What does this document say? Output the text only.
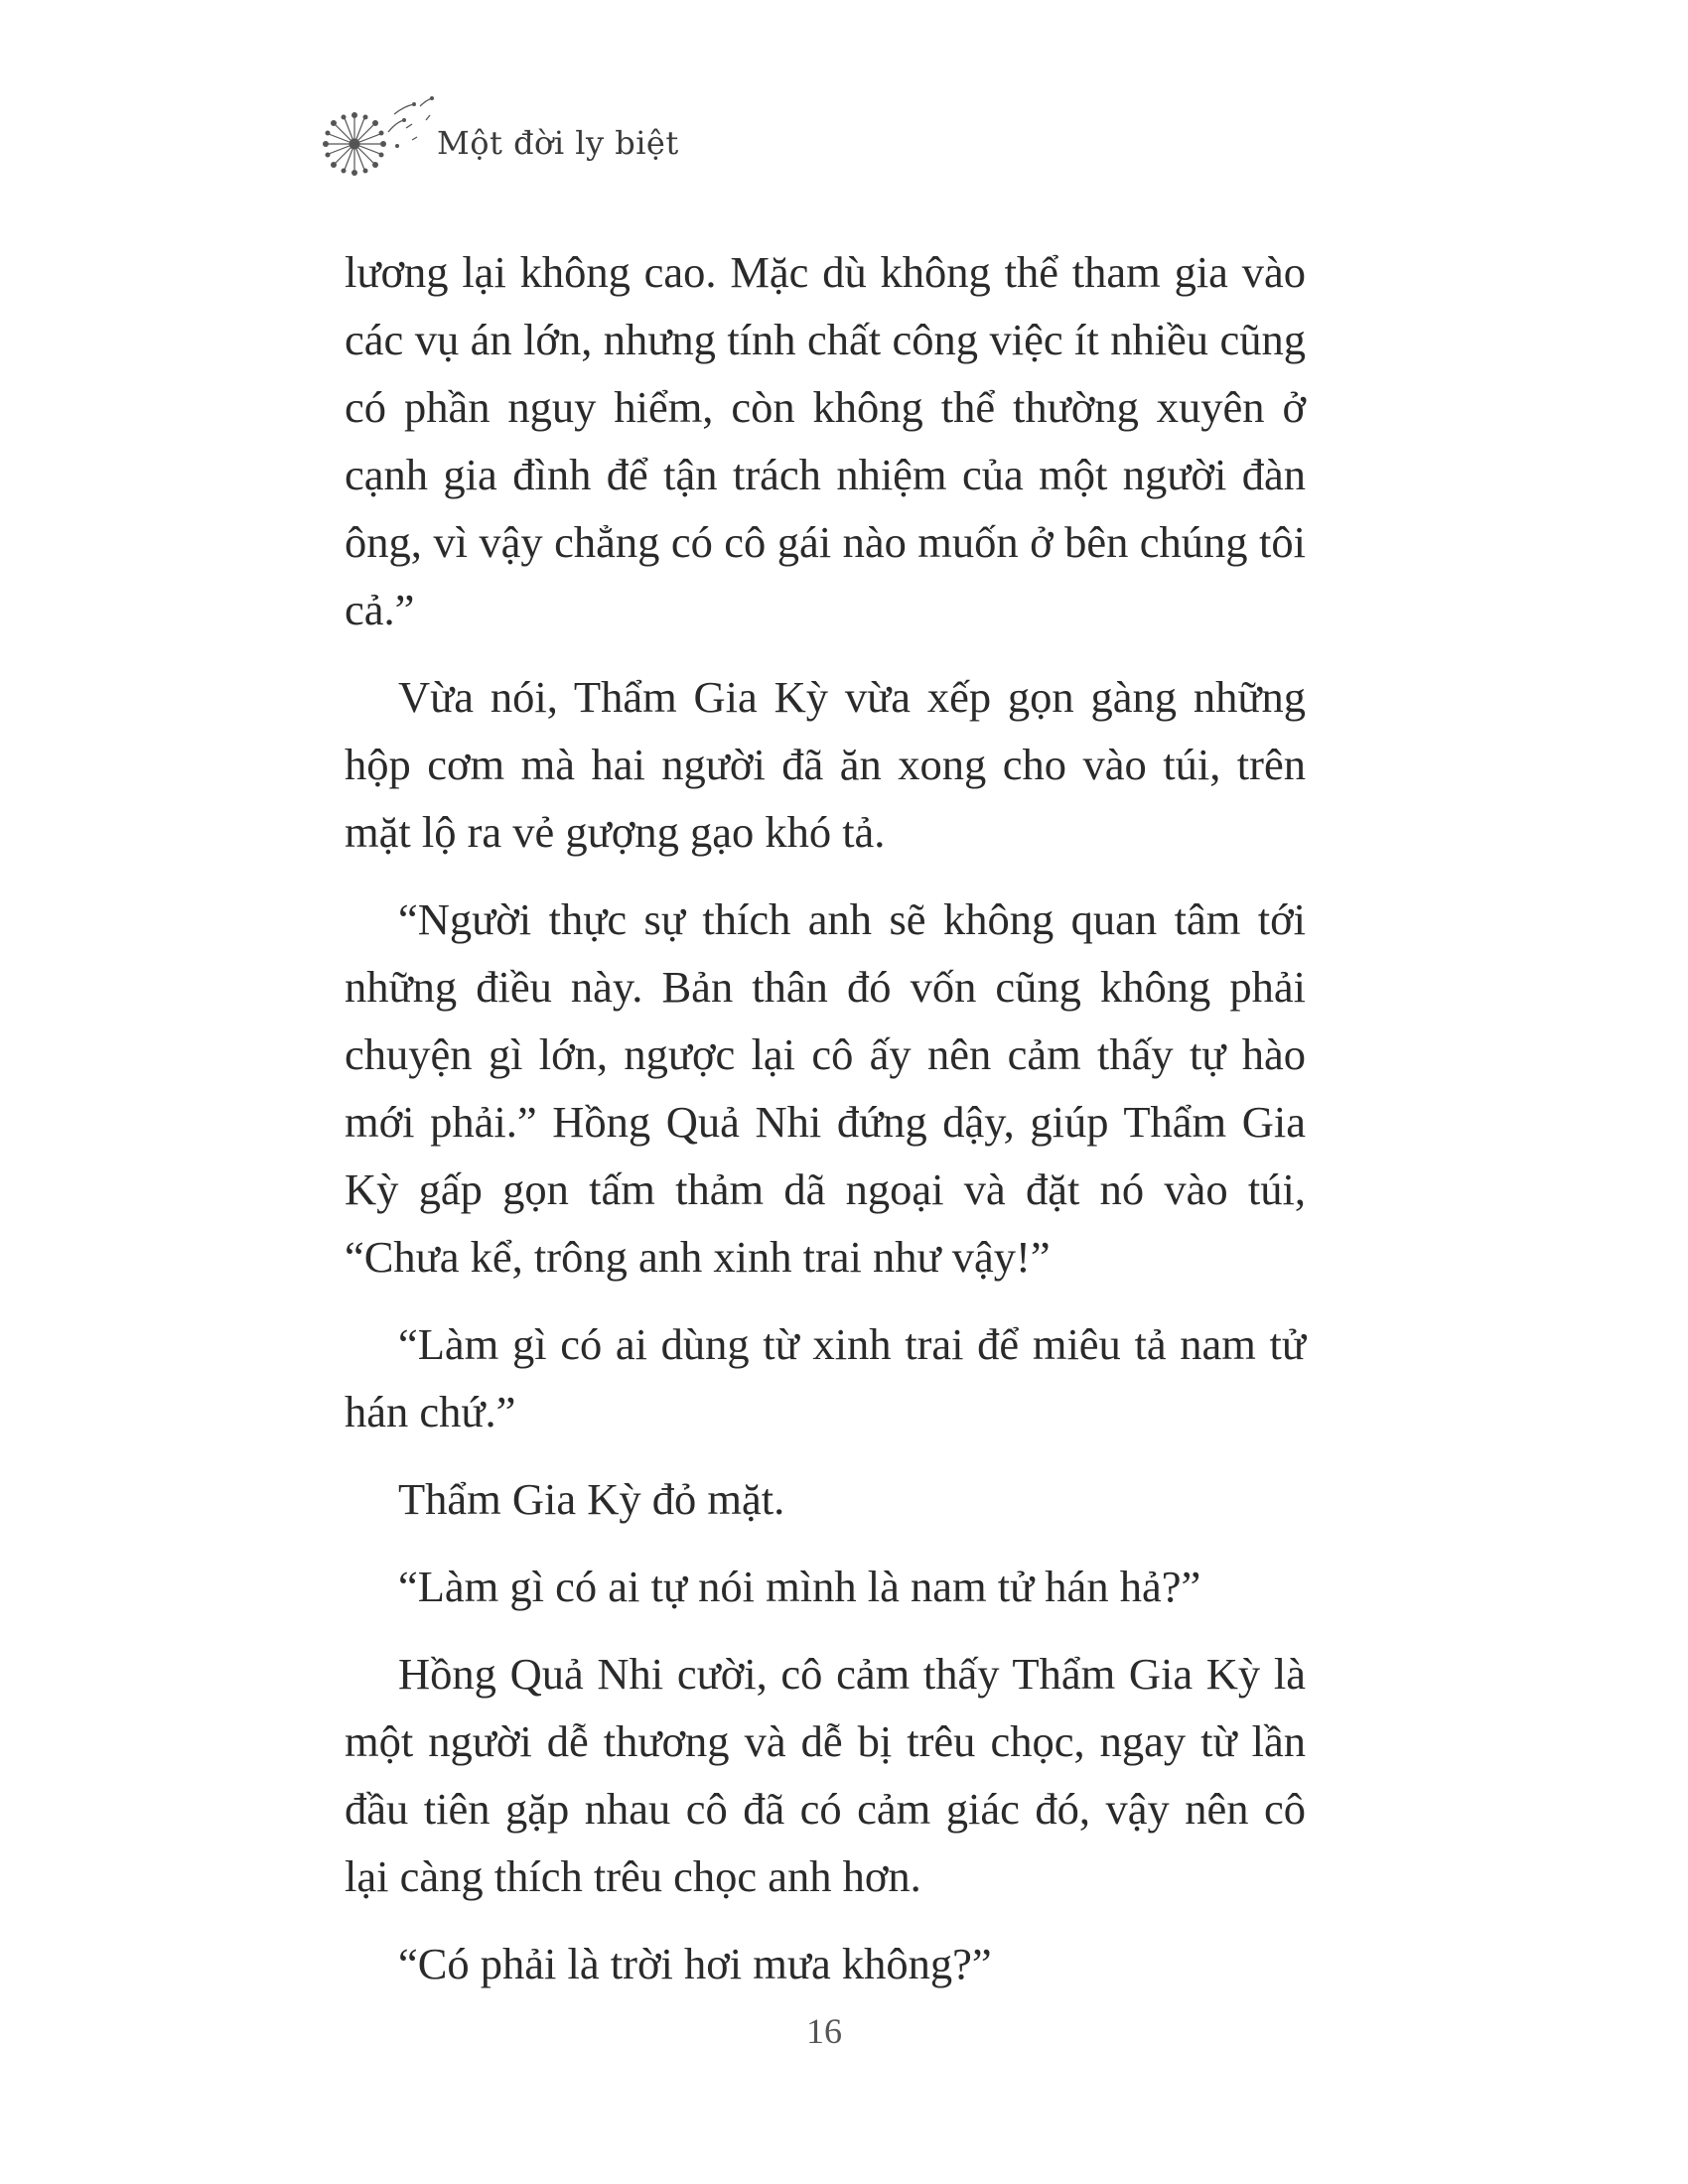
Một đời ly biệt

lương lại không cao. Mặc dù không thể tham gia vào các vụ án lớn, nhưng tính chất công việc ít nhiều cũng có phần nguy hiểm, còn không thể thường xuyên ở cạnh gia đình để tận trách nhiệm của một người đàn ông, vì vậy chẳng có cô gái nào muốn ở bên chúng tôi cả.”

Vừa nói, Thẩm Gia Kỳ vừa xếp gọn gàng những hộp cơm mà hai người đã ăn xong cho vào túi, trên mặt lộ ra vẻ gượng gạo khó tả.

“Người thực sự thích anh sẽ không quan tâm tới những điều này. Bản thân đó vốn cũng không phải chuyện gì lớn, ngược lại cô ấy nên cảm thấy tự hào mới phải.” Hồng Quả Nhi đứng dậy, giúp Thẩm Gia Kỳ gấp gọn tấm thảm dã ngoại và đặt nó vào túi, “Chưa kể, trông anh xinh trai như vậy!”

“Làm gì có ai dùng từ xinh trai để miêu tả nam tử hán chứ.”

Thẩm Gia Kỳ đỏ mặt.

“Làm gì có ai tự nói mình là nam tử hán hả?”

Hồng Quả Nhi cười, cô cảm thấy Thẩm Gia Kỳ là một người dễ thương và dễ bị trêu chọc, ngay từ lần đầu tiên gặp nhau cô đã có cảm giác đó, vậy nên cô lại càng thích trêu chọc anh hơn.

“Có phải là trời hơi mưa không?”

16
